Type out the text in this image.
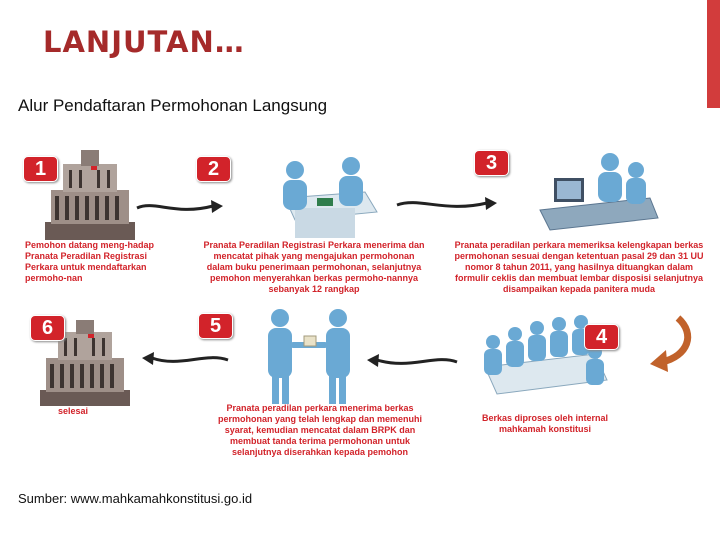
LANJUTAN…
Alur Pendaftaran Permohonan Langsung
1	2	3
4
5
6
Pemohon datang meng-hadap Pranata Peradilan Registrasi Perkara untuk mendaftarkan permoho-nan
Pranata Peradilan Registrasi Perkara menerima dan mencatat pihak yang mengajukan permohonan dalam buku penerimaan permohonan, selanjutnya pemohon menyerahkan berkas permoho-nannya sebanyak 12 rangkap
Pranata peradilan perkara memeriksa kelengkapan berkas permohonan sesuai dengan ketentuan pasal 29 dan 31 UU nomor 8 tahun 2011, yang hasilnya dituangkan dalam formulir ceklis dan membuat lembar disposisi selanjutnya disampaikan kepada panitera muda
Berkas diproses oleh internal mahkamah konstitusi
Pranata peradilan perkara menerima berkas permohonan yang telah lengkap dan memenuhi syarat, kemudian mencatat dalam BRPK dan membuat tanda terima permohonan untuk selanjutnya diserahkan kepada pemohon
selesai
Sumber: www.mahkamahkonstitusi.go.id
